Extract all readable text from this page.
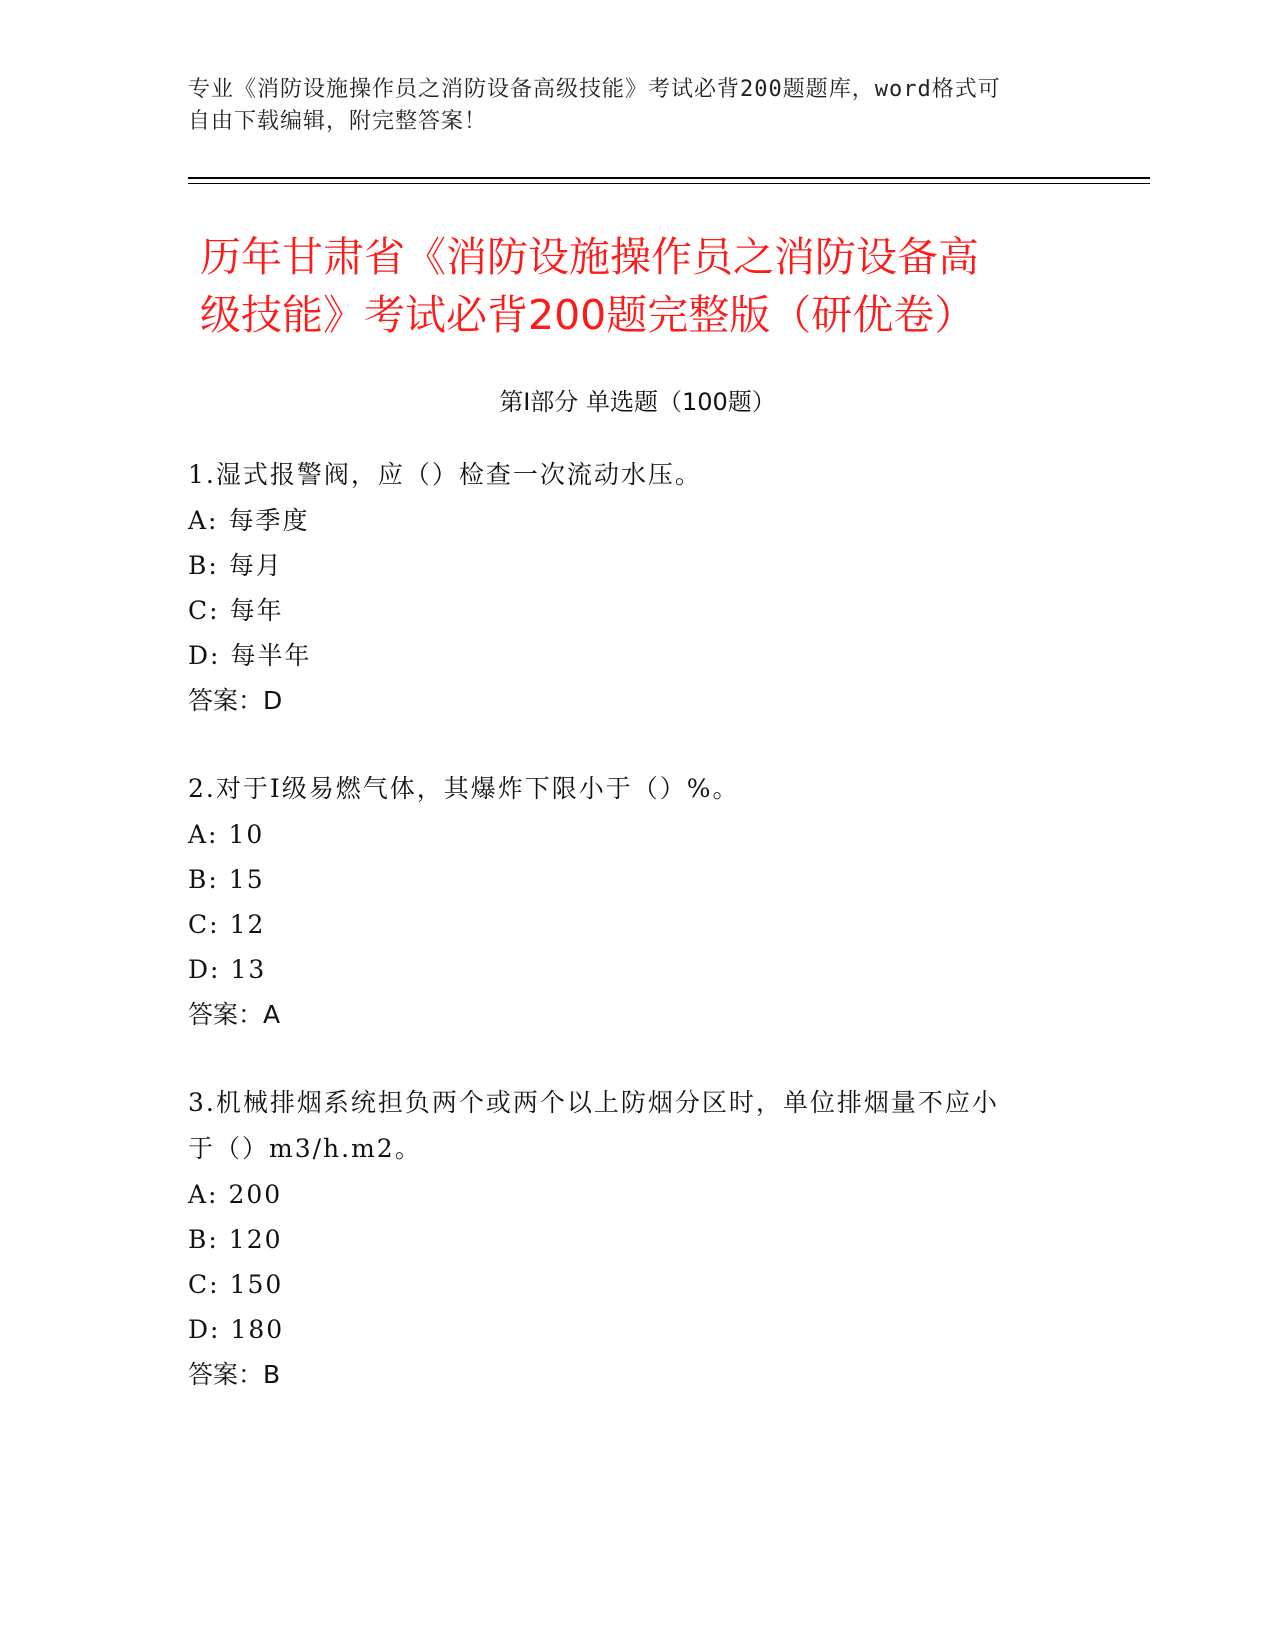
专业《消防设施操作员之消防设备高级技能》考试必背200题题库，word格式可
自由下载编辑，附完整答案！
历年甘肃省《消防设施操作员之消防设备高
级技能》考试必背200题完整版（研优卷）
第Ⅰ部分 单选题（100题）
1.湿式报警阀，应（）检查一次流动水压。
A: 每季度
B: 每月
C: 每年
D: 每半年
答案：D
2.对于Ⅰ级易燃气体，其爆炸下限小于（）%。
A: 10
B: 15
C: 12
D: 13
答案：A
3.机械排烟系统担负两个或两个以上防烟分区时，单位排烟量不应小
于（）m3/h.m2。
A: 200
B: 120
C: 150
D: 180
答案：B
